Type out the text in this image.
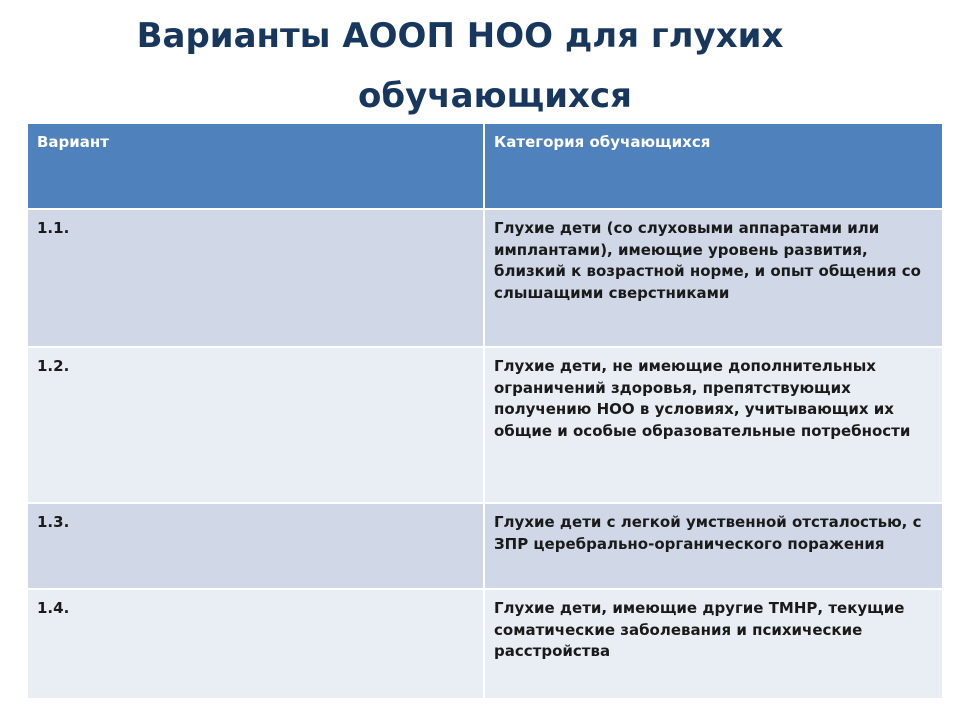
Варианты АООП НОО для глухих
обучающихся
Вариант	Категория обучающихся
1.1.	Глухие дети (со слуховыми аппаратами или имплантами), имеющие уровень развития, близкий к возрастной норме, и опыт общения со слышащими сверстниками
1.2.	Глухие дети, не имеющие дополнительных ограничений здоровья, препятствующих получению НОО в условиях, учитывающих их общие и особые образовательные потребности
1.3.	Глухие дети с легкой умственной отсталостью, с ЗПР церебрально-органического поражения
1.4.	Глухие дети, имеющие другие ТМНР, текущие соматические заболевания и психические расстройства
